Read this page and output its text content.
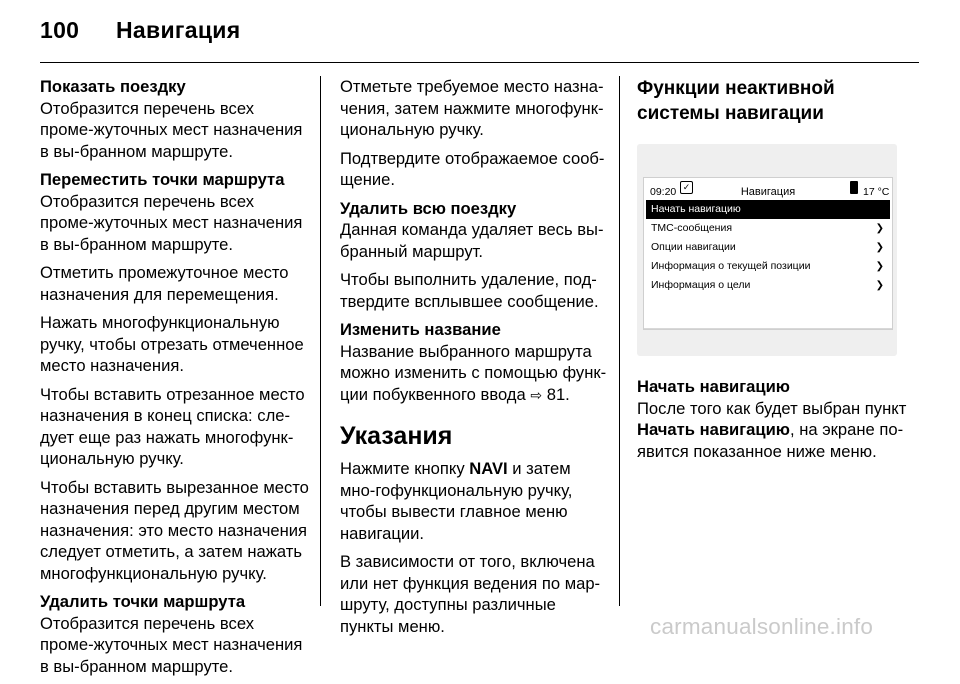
100 Навигация
Показать поездку
Отобразится перечень всех проме-жуточных мест назначения в вы-бранном маршруте.
Переместить точки маршрута
Отобразится перечень всех проме-жуточных мест назначения в вы-бранном маршруте.

Отметить промежуточное место назначения для перемещения.

Нажать многофункциональную ручку, чтобы отрезать отмеченное место назначения.

Чтобы вставить отрезанное место назначения в конец списка: сле-дует еще раз нажать многофунк-циональную ручку.

Чтобы вставить вырезанное место назначения перед другим местом назначения: это место назначения следует отметить, а затем нажать многофункциональную ручку.

Удалить точки маршрута
Отобразится перечень всех проме-жуточных мест назначения в вы-бранном маршруте.

Отметьте требуемое место назна-чения, затем нажмите многофунк-циональную ручку.

Подтвердите отображаемое сооб-щение.

Удалить всю поездку
Данная команда удаляет весь вы-бранный маршрут.

Чтобы выполнить удаление, под-твердите всплывшее сообщение.

Изменить название
Название выбранного маршрута можно изменить с помощью функ-ции побуквенного ввода ⇨ 81.
Указания

Нажмите кнопку NAVI и затем мно-гофункциональную ручку, чтобы вывести главное меню навигации.

В зависимости от того, включена или нет функция ведения по мар-шруту, доступны различные пункты меню.

Функции неактивной системы навигации
09:20 ✓	Навигация	17 °C
Начать навигацию
TMC-сообщения	❯
Опции навигации	❯
Информация о текущей позиции	❯
Информация о цели	❯
Начать навигацию
После того как будет выбран пункт Начать навигацию, на экране по-явится показанное ниже меню.
carmanualsonline.info
